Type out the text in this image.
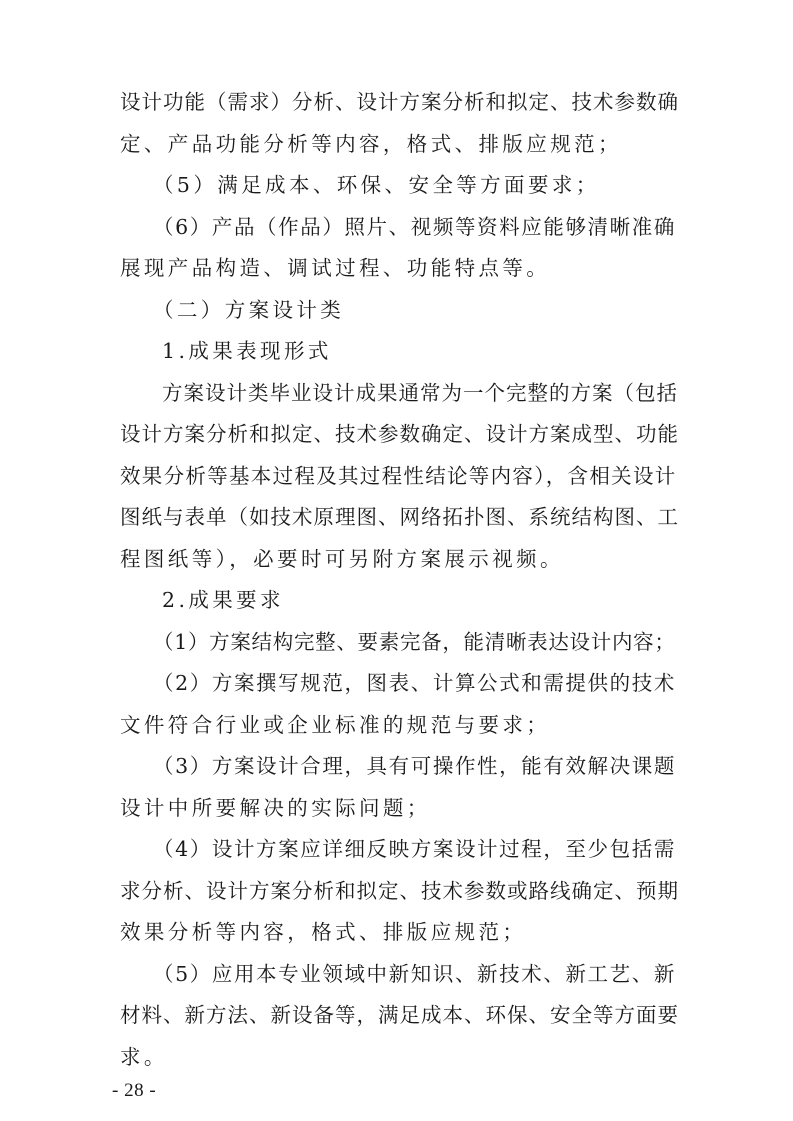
设计功能（需求）分析、设计方案分析和拟定、技术参数确
定、产品功能分析等内容，格式、排版应规范；
（5）满足成本、环保、安全等方面要求；
（6）产品（作品）照片、视频等资料应能够清晰准确
展现产品构造、调试过程、功能特点等。
（二）方案设计类
1.成果表现形式
方案设计类毕业设计成果通常为一个完整的方案（包括
设计方案分析和拟定、技术参数确定、设计方案成型、功能
效果分析等基本过程及其过程性结论等内容），含相关设计
图纸与表单（如技术原理图、网络拓扑图、系统结构图、工
程图纸等），必要时可另附方案展示视频。
2.成果要求
（1）方案结构完整、要素完备，能清晰表达设计内容；
（2）方案撰写规范，图表、计算公式和需提供的技术
文件符合行业或企业标准的规范与要求；
（3）方案设计合理，具有可操作性，能有效解决课题
设计中所要解决的实际问题；
（4）设计方案应详细反映方案设计过程，至少包括需
求分析、设计方案分析和拟定、技术参数或路线确定、预期
效果分析等内容，格式、排版应规范；
（5）应用本专业领域中新知识、新技术、新工艺、新
材料、新方法、新设备等，满足成本、环保、安全等方面要
求。
- 28 -
